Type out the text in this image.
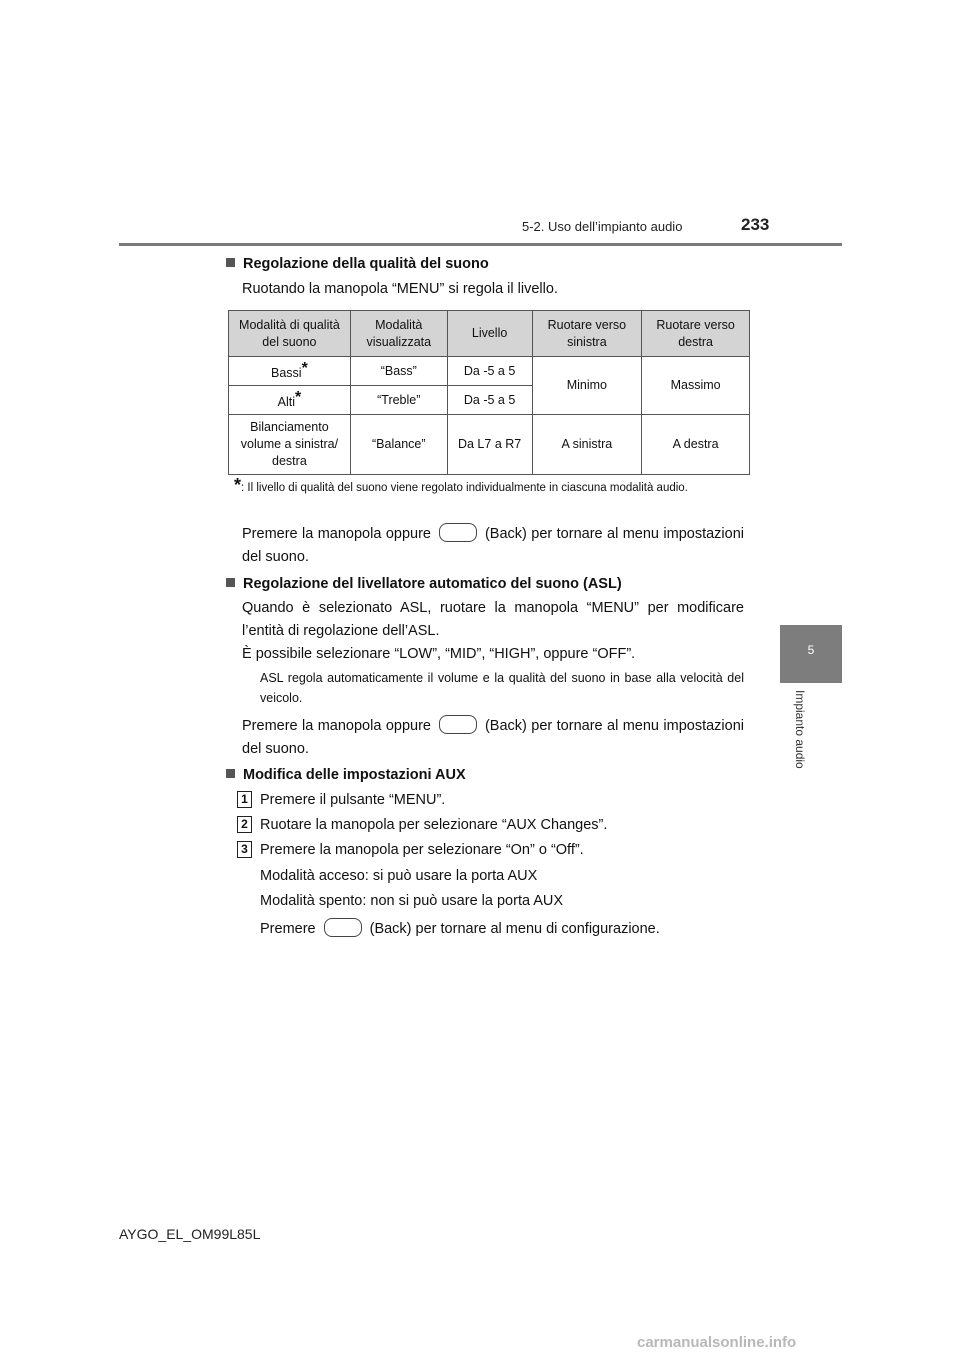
5-2. Uso dell’impianto audio	233
5
Impianto audio
Regolazione della qualità del suono
Ruotando la manopola “MENU” si regola il livello.
Modalità di qualità del suono	Modalità visualizzata	Livello	Ruotare verso sinistra	Ruotare verso destra
Bassi*	“Bass”	Da -5 a 5	Minimo	Massimo
Alti*	“Treble”	Da -5 a 5		
Bilanciamento volume a sinistra/ destra	“Balance”	Da L7 a R7	A sinistra	A destra
*: Il livello di qualità del suono viene regolato individualmente in ciascuna modalità audio.
Premere la manopola oppure	(Back) per tornare al menu impostazioni del suono.
Regolazione del livellatore automatico del suono (ASL)
Quando è selezionato ASL, ruotare la manopola “MENU” per modificare l’entità di regolazione dell’ASL.
È possibile selezionare “LOW”, “MID”, “HIGH”, oppure “OFF”.
ASL regola automaticamente il volume e la qualità del suono in base alla velocità del veicolo.
Premere la manopola oppure	(Back) per tornare al menu impostazioni del suono.
Modifica delle impostazioni AUX
1 Premere il pulsante “MENU”.
2 Ruotare la manopola per selezionare “AUX Changes”.
3 Premere la manopola per selezionare “On” o “Off”.
Modalità acceso: si può usare la porta AUX
Modalità spento: non si può usare la porta AUX
Premere	(Back) per tornare al menu di configurazione.
AYGO_EL_OM99L85L
carmanualsonline.info
